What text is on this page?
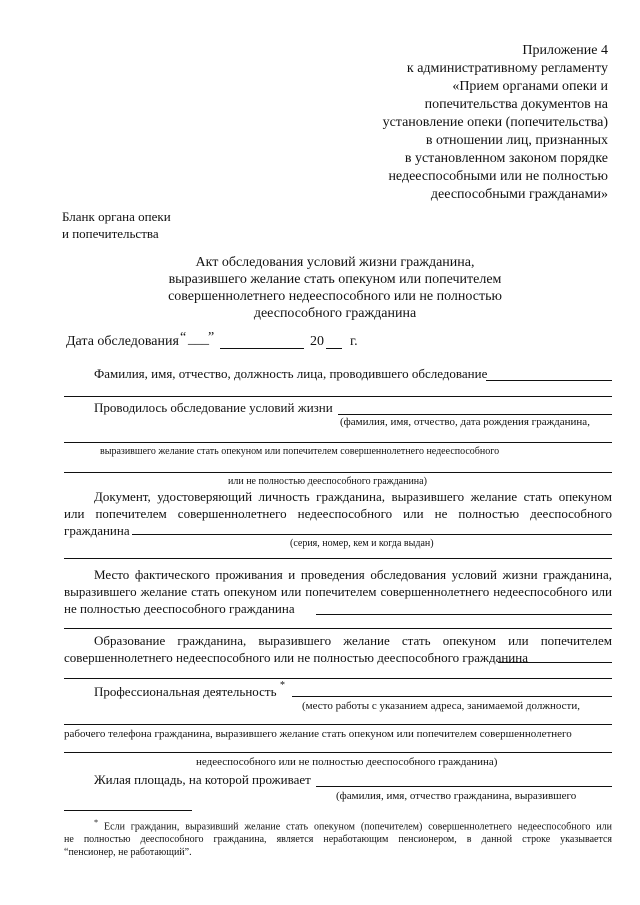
Приложение 4
к административному регламенту
«Прием органами опеки и
попечительства документов на
установление опеки (попечительства)
в отношении лиц, признанных
в установленном законом порядке
недееспособными или не полностью
дееспособными гражданами»
Бланк органа опеки
и попечительства
Акт обследования условий жизни гражданина,
выразившего желание стать опекуном или попечителем
совершеннолетнего недееспособного или не полностью
дееспособного гражданина
Дата обследования “ ___ ”	20 г.
Фамилия, имя, отчество, должность лица, проводившего обследование
Проводилось обследование условий жизни
(фамилия, имя, отчество, дата рождения гражданина,
выразившего желание стать опекуном или попечителем совершеннолетнего недееспособного
или не полностью дееспособного гражданина)
Документ, удостоверяющий личность гражданина, выразившего желание стать опекуном
или попечителем совершеннолетнего недееспособного или не полностью дееспособного
гражданина
(серия, номер, кем и когда выдан)
Место фактического проживания и проведения обследования условий жизни гражданина,
выразившего желание стать опекуном или попечителем совершеннолетнего недееспособного или
не полностью дееспособного гражданина
Образование гражданина, выразившего желание стать опекуном или попечителем
совершеннолетнего недееспособного или не полностью дееспособного гражданина
Профессиональная деятельность *
(место работы с указанием адреса, занимаемой должности,
рабочего телефона гражданина, выразившего желание стать опекуном или попечителем совершеннолетнего
недееспособного или не полностью дееспособного гражданина)
Жилая площадь, на которой проживает
(фамилия, имя, отчество гражданина, выразившего
* Если гражданин, выразивший желание стать опекуном (попечителем) совершеннолетнего недееспособного или
не полностью дееспособного гражданина, является неработающим пенсионером, в данной строке указывается
“пенсионер, не работающий”.
